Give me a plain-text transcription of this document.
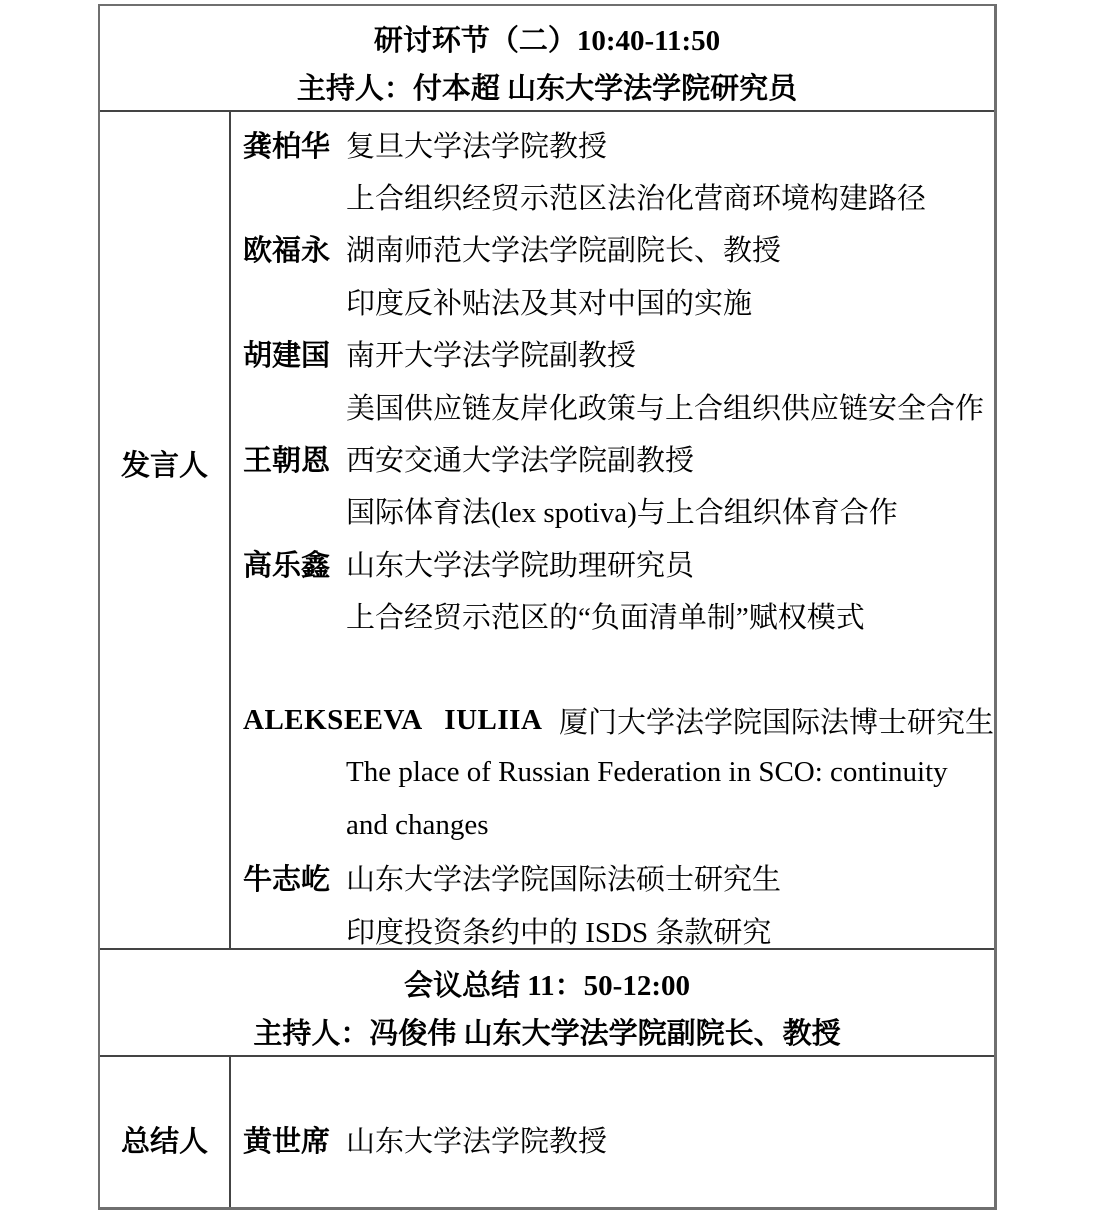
研讨环节（二）10:40-11:50
主持人：付本超 山东大学法学院研究员
发言人
龚柏华 复旦大学法学院教授
上合组织经贸示范区法治化营商环境构建路径
欧福永 湖南师范大学法学院副院长、教授
印度反补贴法及其对中国的实施
胡建国 南开大学法学院副教授
美国供应链友岸化政策与上合组织供应链安全合作
王朝恩 西安交通大学法学院副教授
国际体育法(lex spotiva)与上合组织体育合作
高乐鑫 山东大学法学院助理研究员
上合经贸示范区的“负面清单制”赋权模式
ALEKSEEVA   IULIIA 厦门大学法学院国际法博士研究生
The place of Russian Federation in SCO: continuity
and changes
牛志屹 山东大学法学院国际法硕士研究生
印度投资条约中的 ISDS 条款研究
会议总结 11：50-12:00
主持人：冯俊伟 山东大学法学院副院长、教授
总结人 黄世席 山东大学法学院教授
